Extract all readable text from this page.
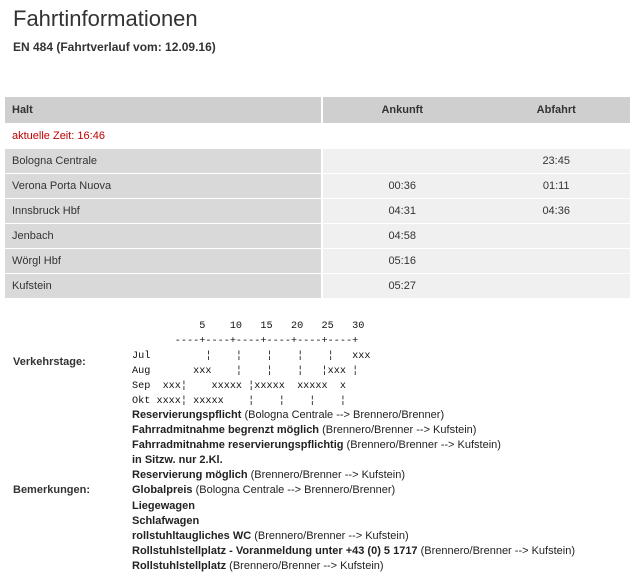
Fahrtinformationen
EN 484 (Fahrtverlauf vom: 12.09.16)
Halt	Ankunft	Abfahrt
aktuelle Zeit: 16:46		
Bologna Centrale		23:45
Verona Porta Nuova	00:36	01:11
Innsbruck Hbf	04:31	04:36
Jenbach	04:58	
Wörgl Hbf	05:16	
Kufstein	05:27	
Verkehrstage:
5    10   15   20   25   30
----+----+----+----+----+----+
Jul         ¦    ¦    ¦    ¦    ¦   xxx
Aug       xxx    ¦    ¦    ¦   ¦xxx ¦
Sep  xxx¦    xxxxx ¦xxxxx  xxxxx  x
Okt xxxx¦ xxxxx    ¦    ¦    ¦    ¦
Bemerkungen:
Reservierungspflicht (Bologna Centrale --> Brennero/Brenner)
Fahrradmitnahme begrenzt möglich (Brennero/Brenner --> Kufstein)
Fahrradmitnahme reservierungspflichtig (Brennero/Brenner --> Kufstein)
in Sitzw. nur 2.Kl.
Reservierung möglich (Brennero/Brenner --> Kufstein)
Globalpreis (Bologna Centrale --> Brennero/Brenner)
Liegewagen
Schlafwagen
rollstuhltaugliches WC (Brennero/Brenner --> Kufstein)
Rollstuhlstellplatz - Voranmeldung unter +43 (0) 5 1717 (Brennero/Brenner --> Kufstein)
Rollstuhlstellplatz (Brennero/Brenner --> Kufstein)
